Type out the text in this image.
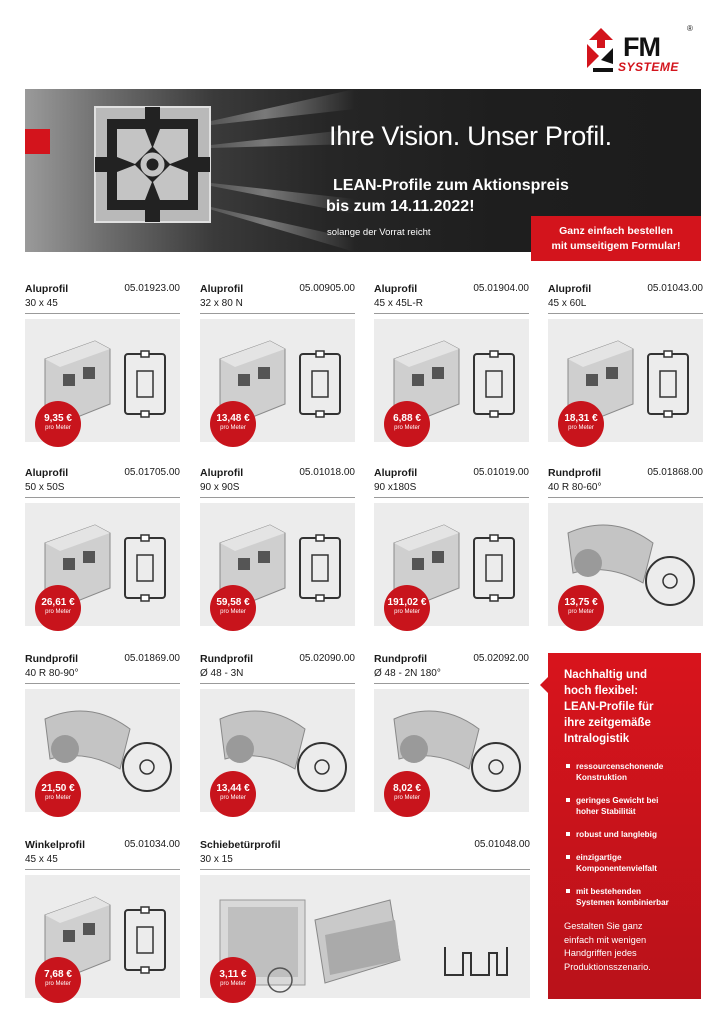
FM
SYSTEME
®
Ihre Vision. Unser Profil.
LEAN-Profile zum Aktionspreis
bis zum 14.11.2022!
solange der Vorrat reicht	Ganz einfach bestellen
mit umseitigem Formular!
Aluprofil	05.01923.00
30 x 45
9,35 €
pro Meter
Aluprofil	05.00905.00
32 x 80 N
13,48 €
pro Meter
Aluprofil	05.01904.00
45 x 45L-R
6,88 €
pro Meter
Aluprofil	05.01043.00
45 x 60L
18,31 €
pro Meter
Aluprofil	05.01705.00
50 x 50S
26,61 €
pro Meter
Aluprofil	05.01018.00
90 x 90S
59,58 €
pro Meter
Aluprofil	05.01019.00
90 x180S
191,02 €
pro Meter
Rundprofil	05.01868.00
40 R 80-60°
13,75 €
pro Meter
Rundprofil	05.01869.00
40 R 80-90°
21,50 €
pro Meter
Rundprofil	05.02090.00
Ø 48 - 3N
13,44 €
pro Meter
Rundprofil	05.02092.00
Ø 48 - 2N 180°
8,02 €
pro Meter
Winkelprofil	05.01034.00
45 x 45
7,68 €
pro Meter
Schiebetürprofil	05.01048.00
30 x 15
3,11 €
pro Meter
Nachhaltig und
hoch flexibel:
LEAN-Profile für
ihre zeitgemäße
Intralogistik
ressourcenschonende
Konstruktion
geringes Gewicht bei
hoher Stabilität
robust und langlebig
einzigartige
Komponentenvielfalt
mit bestehenden
Systemen kombinierbar
Gestalten Sie ganz
einfach mit wenigen
Handgriffen jedes
Produktionsszenario.
